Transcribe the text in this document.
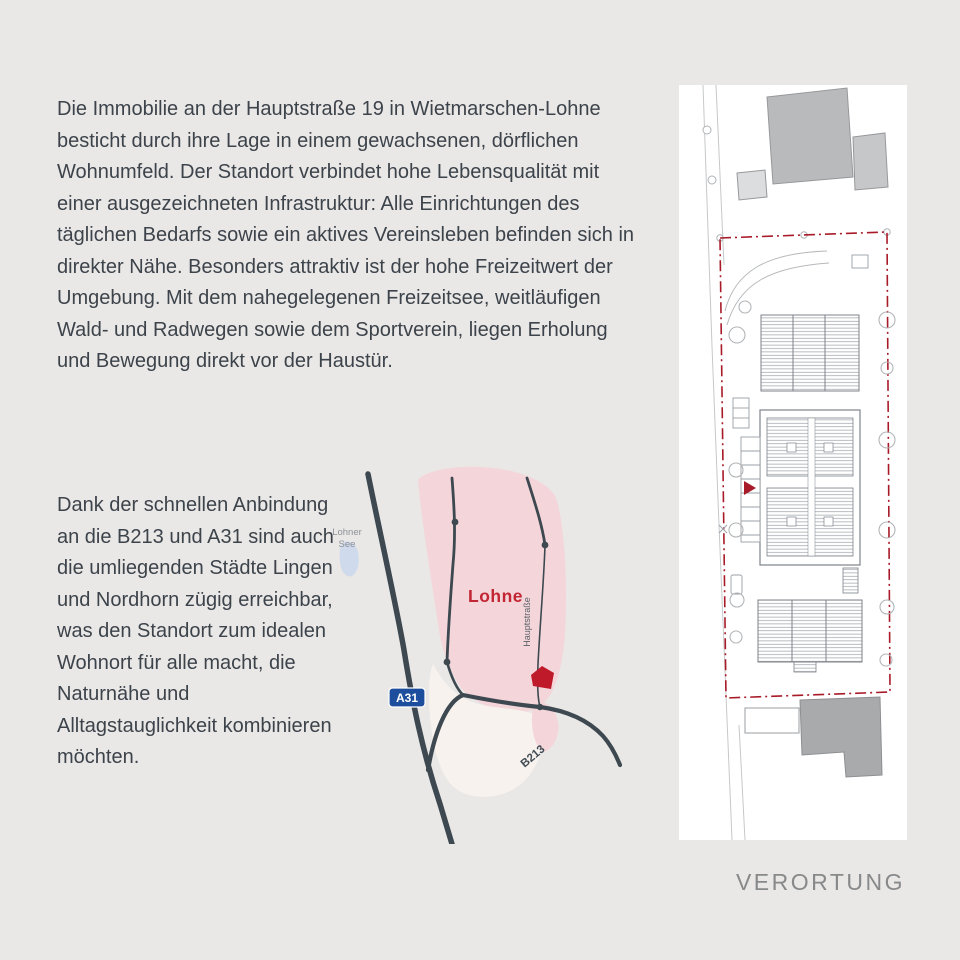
Die Immobilie an der Hauptstraße 19 in Wietmarschen-Lohne besticht durch ihre Lage in einem gewachsenen, dörflichen Wohnumfeld. Der Standort verbindet hohe Lebensqualität mit einer ausgezeichneten Infrastruktur: Alle Einrichtungen des täglichen Bedarfs sowie ein aktives Vereinsleben befinden sich in direkter Nähe. Besonders attraktiv ist der hohe Freizeitwert der Umgebung. Mit dem nahegelegenen Freizeitsee, weitläufigen Wald- und Radwegen sowie dem Sportverein, liegen Erholung und Bewegung direkt vor der Haustür.

Dank der schnellen Anbindung an die B213 und A31 sind auch die umliegenden Städte Lingen und Nordhorn zügig erreichbar, was den Standort zum idealen Wohnort für alle macht, die Naturnähe und Alltagstauglichkeit kombinieren möchten.

Lohner
See
Lohne
Hauptstraße
A31
B213
VERORTUNG
